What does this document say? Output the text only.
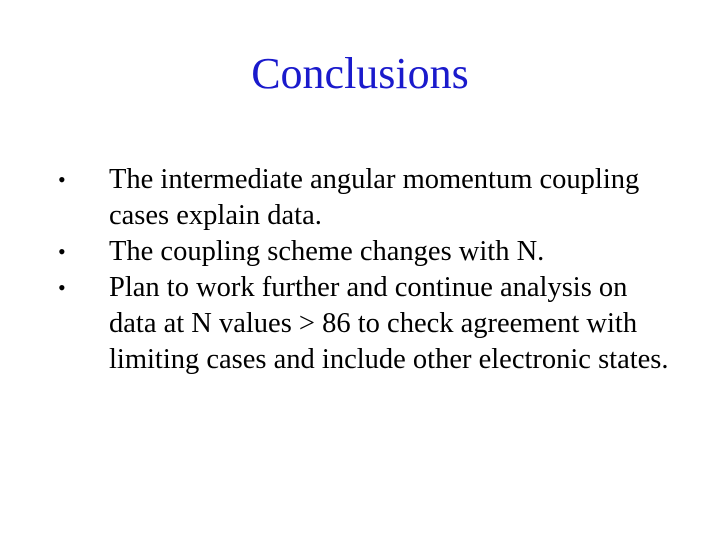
Conclusions
• The intermediate angular momentum coupling cases explain data.
• The coupling scheme changes with N.
• Plan to work further and continue analysis on data at N values > 86 to check agreement with limiting cases and include other electronic states.
